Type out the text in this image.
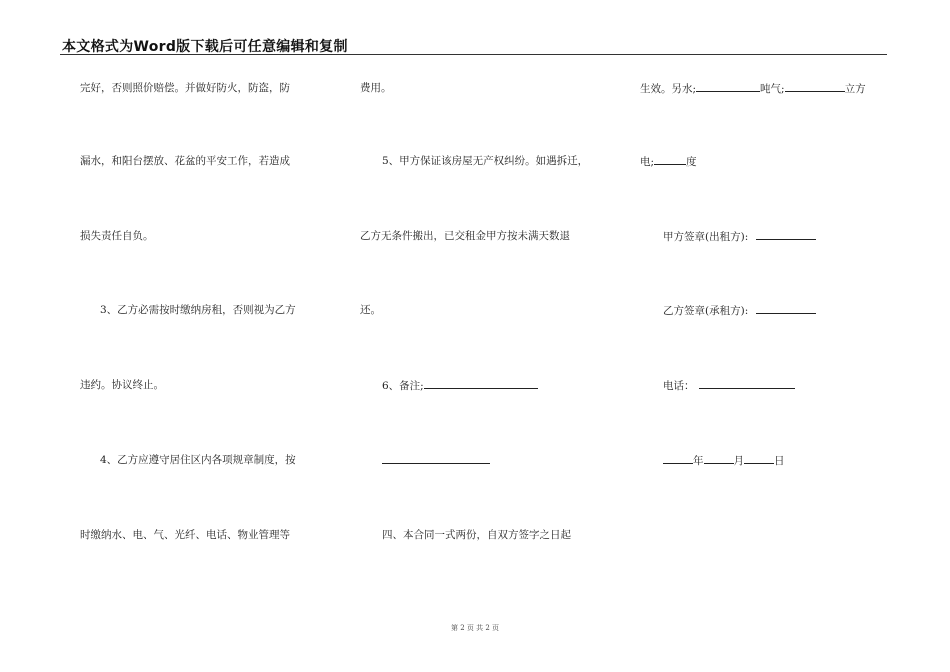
本文格式为Word版下载后可任意编辑和复制
完好，否则照价赔偿。并做好防火，防盗，防
漏水，和阳台摆放、花盆的平安工作，若造成
损失责任自负。
3、乙方必需按时缴纳房租，否则视为乙方
违约。协议终止。
4、乙方应遵守居住区内各项规章制度，按
时缴纳水、电、气、光纤、电话、物业管理等
费用。
5、甲方保证该房屋无产权纠纷。如遇拆迁，
乙方无条件搬出，已交租金甲方按未满天数退
还。
6、备注;
四、本合同一式两份，自双方签字之日起
生效。另水;	吨气;	立方
电;	度
甲方签章(出租方):
乙方签章(承租方):
电话：
年	月	日
第 2 页 共 2 页
